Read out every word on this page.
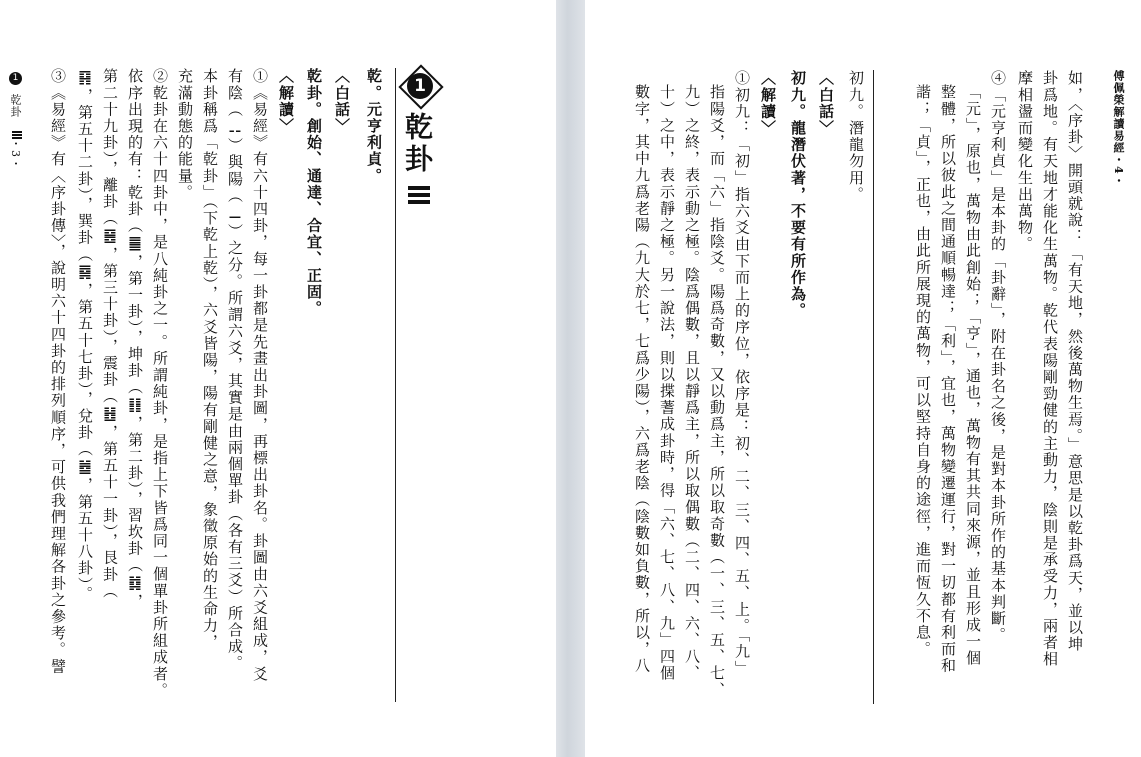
1
乾卦
・3・ ③《易經》有〈序卦傳〉，說明六十四卦的排列順序，可供我們理解各卦之參考。譬 ䷳，第五十二卦），巽卦（䷸，第五十七卦），兌卦（䷹，第五十八卦）。 第二十九卦），離卦（䷝，第三十卦），震卦（䷲，第五十一卦），艮卦（ 依序出現的有：乾卦（䷀，第一卦），坤卦（䷁，第二卦），習坎卦（䷜， ②乾卦在六十四卦中，是八純卦之一。所謂純卦，是指上下皆爲同一個單卦所組成者。 充滿動態的能量。 本卦稱爲「乾卦」（下乾上乾），六爻皆陽，陽有剛健之意，象徵原始的生命力， 有陰（⚋）與陽（⚊）之分。所謂六爻，其實是由兩個單卦（各有三爻）所合成。 ①《易經》有六十四卦，每一卦都是先畫出卦圖，再標出卦名。卦圖由六爻組成，爻 〈解讀〉 乾卦。創始、通達、合宜、正固。 〈白話〉 乾。元亨利貞。	1
乾卦	數字，其中九爲老陽（九大於七，七爲少陽），六爲老陰（陰數如負數，所以，八 十）之中，表示靜之極。另一說法，則以揲蓍成卦時，得「六、七、八、九」四個 九）之終，表示動之極。陰爲偶數，且以靜爲主，所以取偶數（二、四、六、八、 指陽爻，而「六」指陰爻。陽爲奇數，又以動爲主，所以取奇數（一、三、五、七、 ①初九：「初」指六爻由下而上的序位，依序是：初、二、三、四、五、上。「九」 〈解讀〉 初九。龍潛伏著，不要有所作為。 〈白話〉 初九。潛龍勿用。	諧；「貞」，正也，由此所展現的萬物，可以堅持自身的途徑，進而恆久不息。 整體，所以彼此之間通順暢達；「利」，宜也，萬物變遷運行，對一切都有利而和 「元」，原也，萬物由此創始；「亨」，通也，萬物有其共同來源，並且形成一個 ④「元亨利貞」是本卦的「卦辭」，附在卦名之後，是對本卦所作的基本判斷。 摩相盪而變化生出萬物。 卦爲地。有天地才能化生萬物。乾代表陽剛勁健的主動力，陰則是承受力，兩者相 如，〈序卦〉開頭就說：「有天地，然後萬物生焉。」意思是以乾卦爲天，並以坤	傅佩榮解讀易經・4・
